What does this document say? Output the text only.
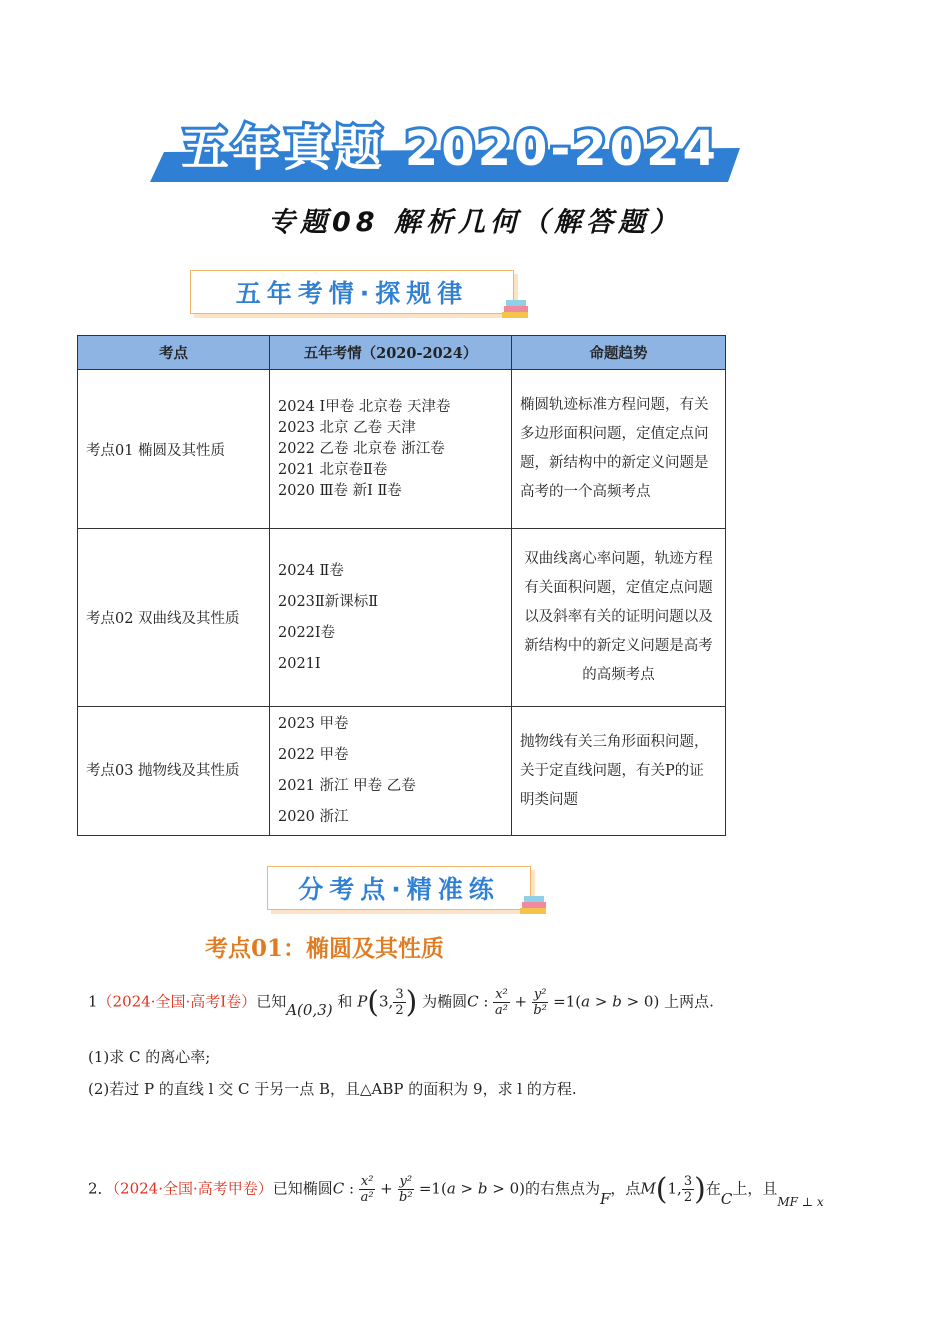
五年真题 2020-2024
专题08 解析几何（解答题）
五年考情·探规律
考点	五年考情（2020-2024）	命题趋势

考点01 椭圆及其性质	2024 Ⅰ甲卷 北京卷 天津卷
2023 北京 乙卷 天津
2022 乙卷 北京卷 浙江卷
2021 北京卷Ⅱ卷
2020 Ⅲ卷 新Ⅰ Ⅱ卷	椭圆轨迹标准方程问题，有关多边形面积问题，定值定点问题，新结构中的新定义问题是高考的一个高频考点

考点02 双曲线及其性质	2024 Ⅱ卷
2023Ⅱ新课标Ⅱ
2022Ⅰ卷
2021Ⅰ	双曲线离心率问题，轨迹方程有关面积问题，定值定点问题以及斜率有关的证明问题以及新结构中的新定义问题是高考的高频考点

考点03 抛物线及其性质	2023 甲卷
2022 甲卷
2021 浙江 甲卷 乙卷
2020 浙江	抛物线有关三角形面积问题，关于定直线问题，有关P的证明类问题
分考点·精准练
考点01：椭圆及其性质
1（2024·全国·高考Ⅰ卷）已知A(0,3) 和 P(3, $\frac{3}{2}$ ) 为椭圆C : $\frac{\text{x²}}{\text{a²}} + \frac{\text{y²}}{\text{b²}} =1(a > b > 0)$ 上两点.
(1)求 C 的离心率;
(2)若过 P 的直线 l 交 C 于另一点 B，且△ABP 的面积为 9，求 l 的方程.
2．（2024·全国·高考甲卷）已知椭圆C : $\frac{\text{x²}}{\text{a²}} + \frac{\text{y²}}{\text{b²}} =1(a > b > 0)$的右焦点为F，点M(1, $\frac{3}{2}$ )在C上，且$_{MF \perp x}$
